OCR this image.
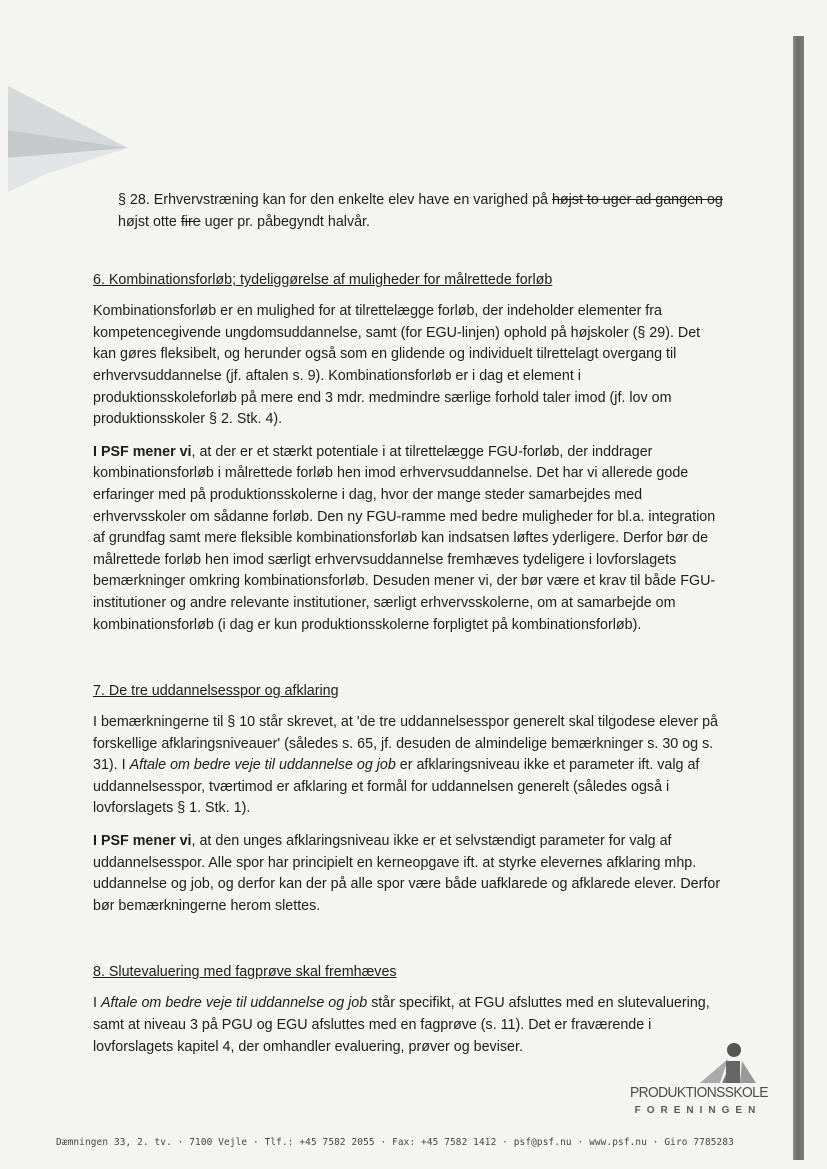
§ 28. Erhvervstræning kan for den enkelte elev have en varighed på højst to uger ad gangen og højst otte fire uger pr. påbegyndt halvår.

6. Kombinationsforløb; tydeliggørelse af muligheder for målrettede forløb

Kombinationsforløb er en mulighed for at tilrettelægge forløb, der indeholder elementer fra kompetencegivende ungdomsuddannelse, samt (for EGU-linjen) ophold på højskoler (§ 29). Det kan gøres fleksibelt, og herunder også som en glidende og individuelt tilrettelagt overgang til erhvervsuddannelse (jf. aftalen s. 9). Kombinationsforløb er i dag et element i produktionsskoleforløb på mere end 3 mdr. medmindre særlige forhold taler imod (jf. lov om produktionsskoler § 2. Stk. 4).

I PSF mener vi, at der er et stærkt potentiale i at tilrettelægge FGU-forløb, der inddrager kombinationsforløb i målrettede forløb hen imod erhvervsuddannelse. Det har vi allerede gode erfaringer med på produktionsskolerne i dag, hvor der mange steder samarbejdes med erhvervsskoler om sådanne forløb. Den ny FGU-ramme med bedre muligheder for bl.a. integration af grundfag samt mere fleksible kombinationsforløb kan indsatsen løftes yderligere. Derfor bør de målrettede forløb hen imod særligt erhvervsuddannelse fremhæves tydeligere i lovforslagets bemærkninger omkring kombinationsforløb. Desuden mener vi, der bør være et krav til både FGU-institutioner og andre relevante institutioner, særligt erhvervsskolerne, om at samarbejde om kombinationsforløb (i dag er kun produktionsskolerne forpligtet på kombinationsforløb).

7. De tre uddannelsesspor og afklaring

I bemærkningerne til § 10 står skrevet, at 'de tre uddannelsesspor generelt skal tilgodese elever på forskellige afklaringsniveauer' (således s. 65, jf. desuden de almindelige bemærkninger s. 30 og s. 31). I Aftale om bedre veje til uddannelse og job er afklaringsniveau ikke et parameter ift. valg af uddannelsesspor, tværtimod er afklaring et formål for uddannelsen generelt (således også i lovforslagets § 1. Stk. 1).

I PSF mener vi, at den unges afklaringsniveau ikke er et selvstændigt parameter for valg af uddannelsesspor. Alle spor har principielt en kerneopgave ift. at styrke elevernes afklaring mhp. uddannelse og job, og derfor kan der på alle spor være både uafklarede og afklarede elever. Derfor bør bemærkningerne herom slettes.

8. Slutevaluering med fagprøve skal fremhæves

I Aftale om bedre veje til uddannelse og job står specifikt, at FGU afsluttes med en slutevaluering, samt at niveau 3 på PGU og EGU afsluttes med en fagprøve (s. 11). Det er fraværende i lovforslagets kapitel 4, der omhandler evaluering, prøver og beviser.

PRODUKTIONSSKOLE
FORENINGEN
Dæmningen 33, 2. tv. · 7100 Vejle · Tlf.: +45 7582 2055 · Fax: +45 7582 1412 · psf@psf.nu · www.psf.nu · Giro 7785283
